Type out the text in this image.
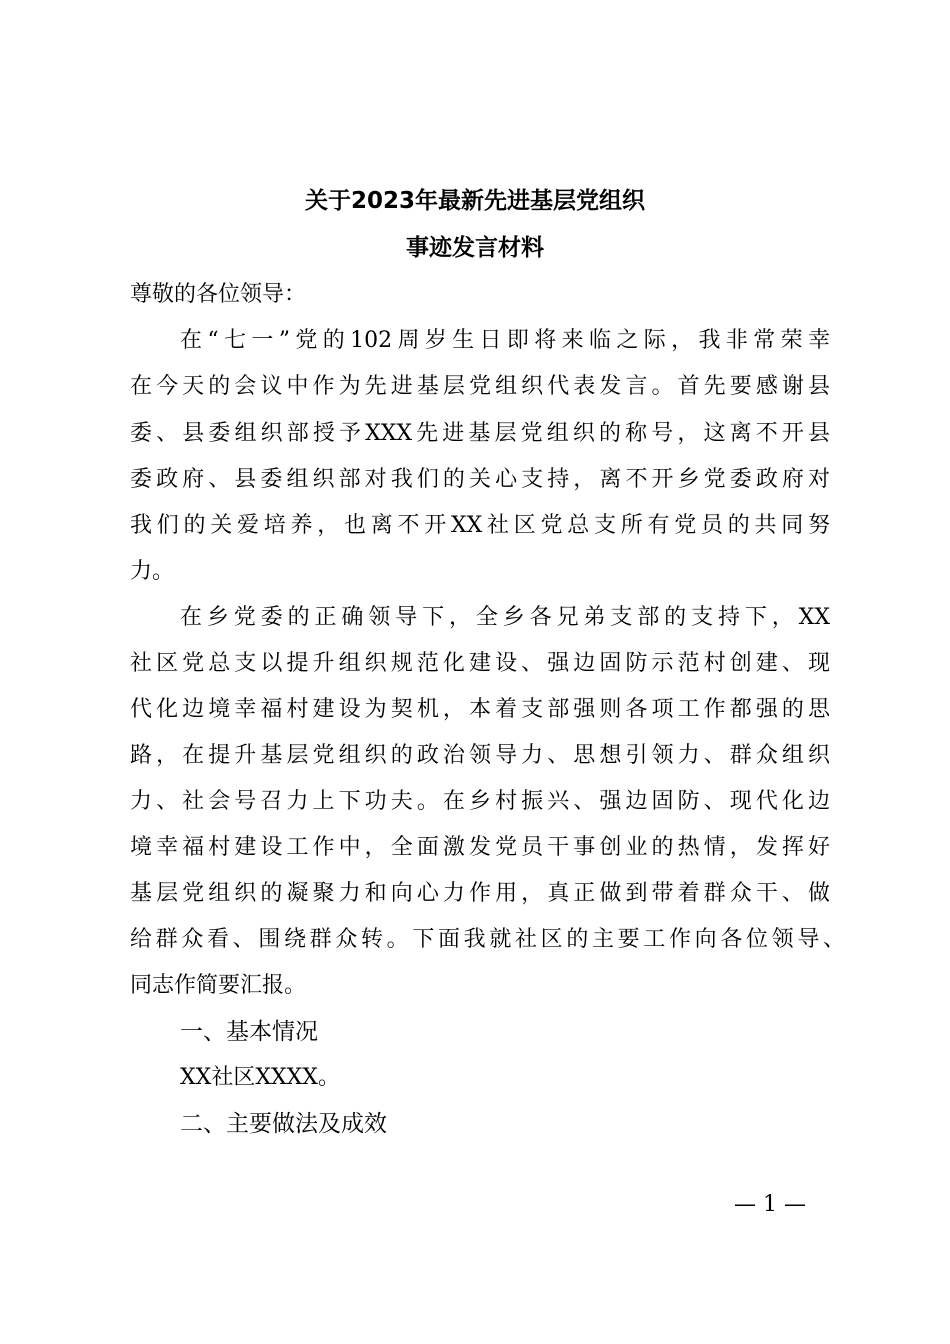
关于2023年最新先进基层党组织
事迹发言材料
尊敬的各位领导：
在“七一”党的102周岁生日即将来临之际，我非常荣幸
在今天的会议中作为先进基层党组织代表发言。首先要感谢县
委、县委组织部授予XXX先进基层党组织的称号，这离不开县
委政府、县委组织部对我们的关心支持，离不开乡党委政府对
我们的关爱培养，也离不开XX社区党总支所有党员的共同努
力。
在乡党委的正确领导下，全乡各兄弟支部的支持下，XX
社区党总支以提升组织规范化建设、强边固防示范村创建、现
代化边境幸福村建设为契机，本着支部强则各项工作都强的思
路，在提升基层党组织的政治领导力、思想引领力、群众组织
力、社会号召力上下功夫。在乡村振兴、强边固防、现代化边
境幸福村建设工作中，全面激发党员干事创业的热情，发挥好
基层党组织的凝聚力和向心力作用，真正做到带着群众干、做
给群众看、围绕群众转。下面我就社区的主要工作向各位领导、
同志作简要汇报。
一、基本情况
XX社区XXXX。
二、主要做法及成效
— 1 —
